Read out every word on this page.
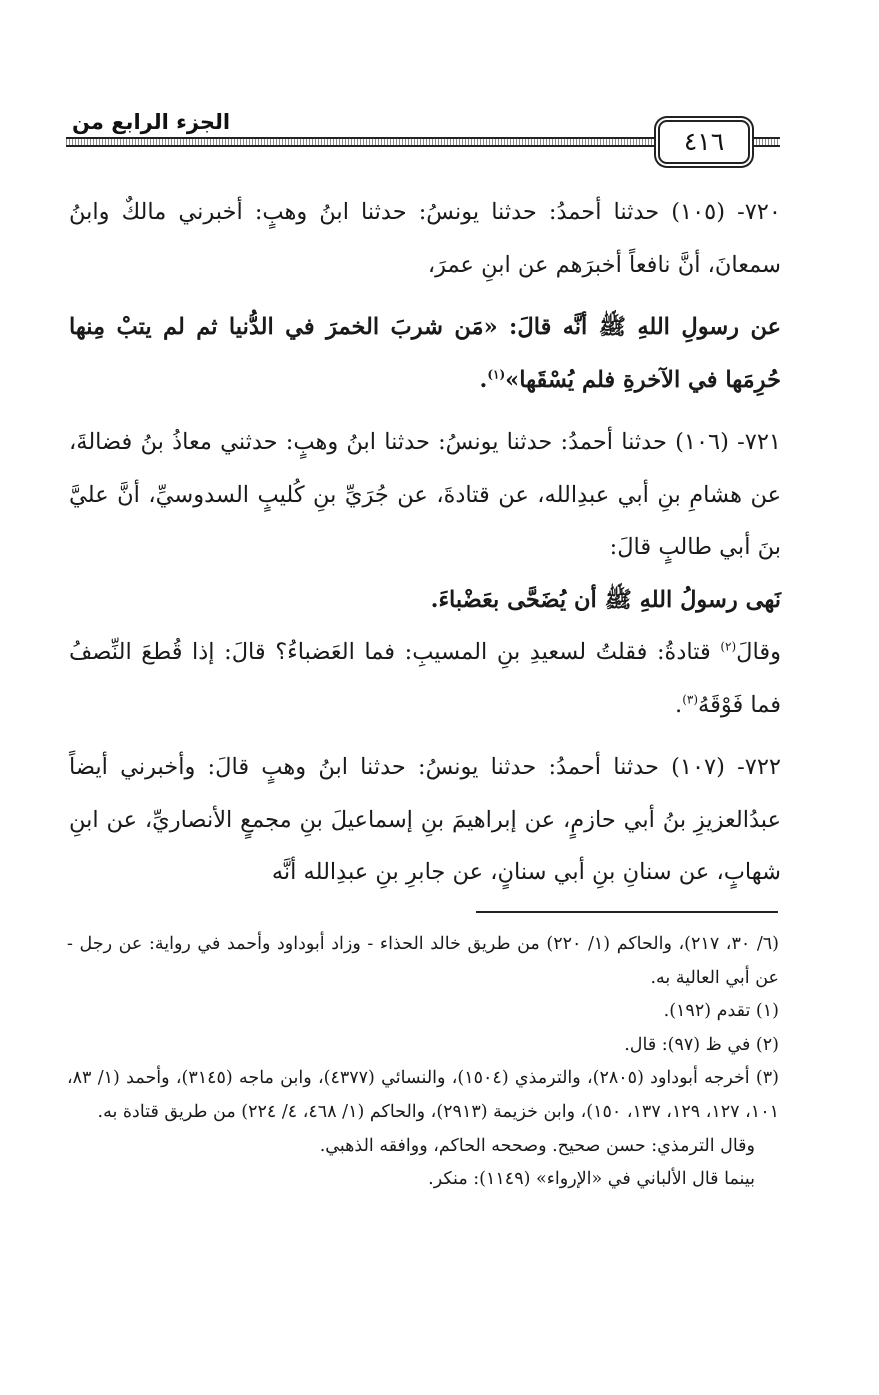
الجزء الرابع من
٤١٦

٧٢٠- (١٠٥) حدثنا أحمدُ: حدثنا يونسُ: حدثنا ابنُ وهبٍ: أخبرني مالكٌ وابنُ سمعانَ، أنَّ نافعاً أخبرَهم عن ابنِ عمرَ،

عن رسولِ اللهِ ﷺ أنَّه قالَ: «مَن شربَ الخمرَ في الدُّنيا ثم لم يتبْ مِنها حُرِمَها في الآخرةِ فلم يُسْقَها»$^{(١)}$.

٧٢١- (١٠٦) حدثنا أحمدُ: حدثنا يونسُ: حدثنا ابنُ وهبٍ: حدثني معاذُ بنُ فضالةَ، عن هشامِ بنِ أبي عبدِالله، عن قتادةَ، عن جُرَيِّ بنِ كُليبٍ السدوسيِّ، أنَّ عليَّ بنَ أبي طالبٍ قالَ:

نَهى رسولُ اللهِ ﷺ أن يُضَحَّى بعَضْباءَ.

وقالَ$^{(٢)}$ قتادةُ: فقلتُ لسعيدِ بنِ المسيبِ: فما العَضباءُ؟ قالَ: إذا قُطعَ النِّصفُ فما فَوْقَهُ$^{(٣)}$.

٧٢٢- (١٠٧) حدثنا أحمدُ: حدثنا يونسُ: حدثنا ابنُ وهبٍ قالَ: وأخبرني أيضاً عبدُالعزيزِ بنُ أبي حازمٍ، عن إبراهيمَ بنِ إسماعيلَ بنِ مجمعٍ الأنصاريِّ، عن ابنِ شهابٍ، عن سنانِ بنِ أبي سنانٍ، عن جابرِ بنِ عبدِالله أنَّه

(٦/ ٣٠، ٢١٧)، والحاكم (١/ ٢٢٠) من طريق خالد الحذاء - وزاد أبوداود وأحمد في رواية: عن رجل - عن أبي العالية به.

(١) تقدم (١٩٢).

(٢) في ظ (٩٧): قال.

(٣) أخرجه أبوداود (٢٨٠٥)، والترمذي (١٥٠٤)، والنسائي (٤٣٧٧)، وابن ماجه (٣١٤٥)، وأحمد (١/ ٨٣، ١٠١، ١٢٧، ١٢٩، ١٣٧، ١٥٠)، وابن خزيمة (٢٩١٣)، والحاكم (١/ ٤٦٨، ٤/ ٢٢٤) من طريق قتادة به.

وقال الترمذي: حسن صحيح. وصححه الحاكم، ووافقه الذهبي.

بينما قال الألباني في «الإرواء» (١١٤٩): منكر.
